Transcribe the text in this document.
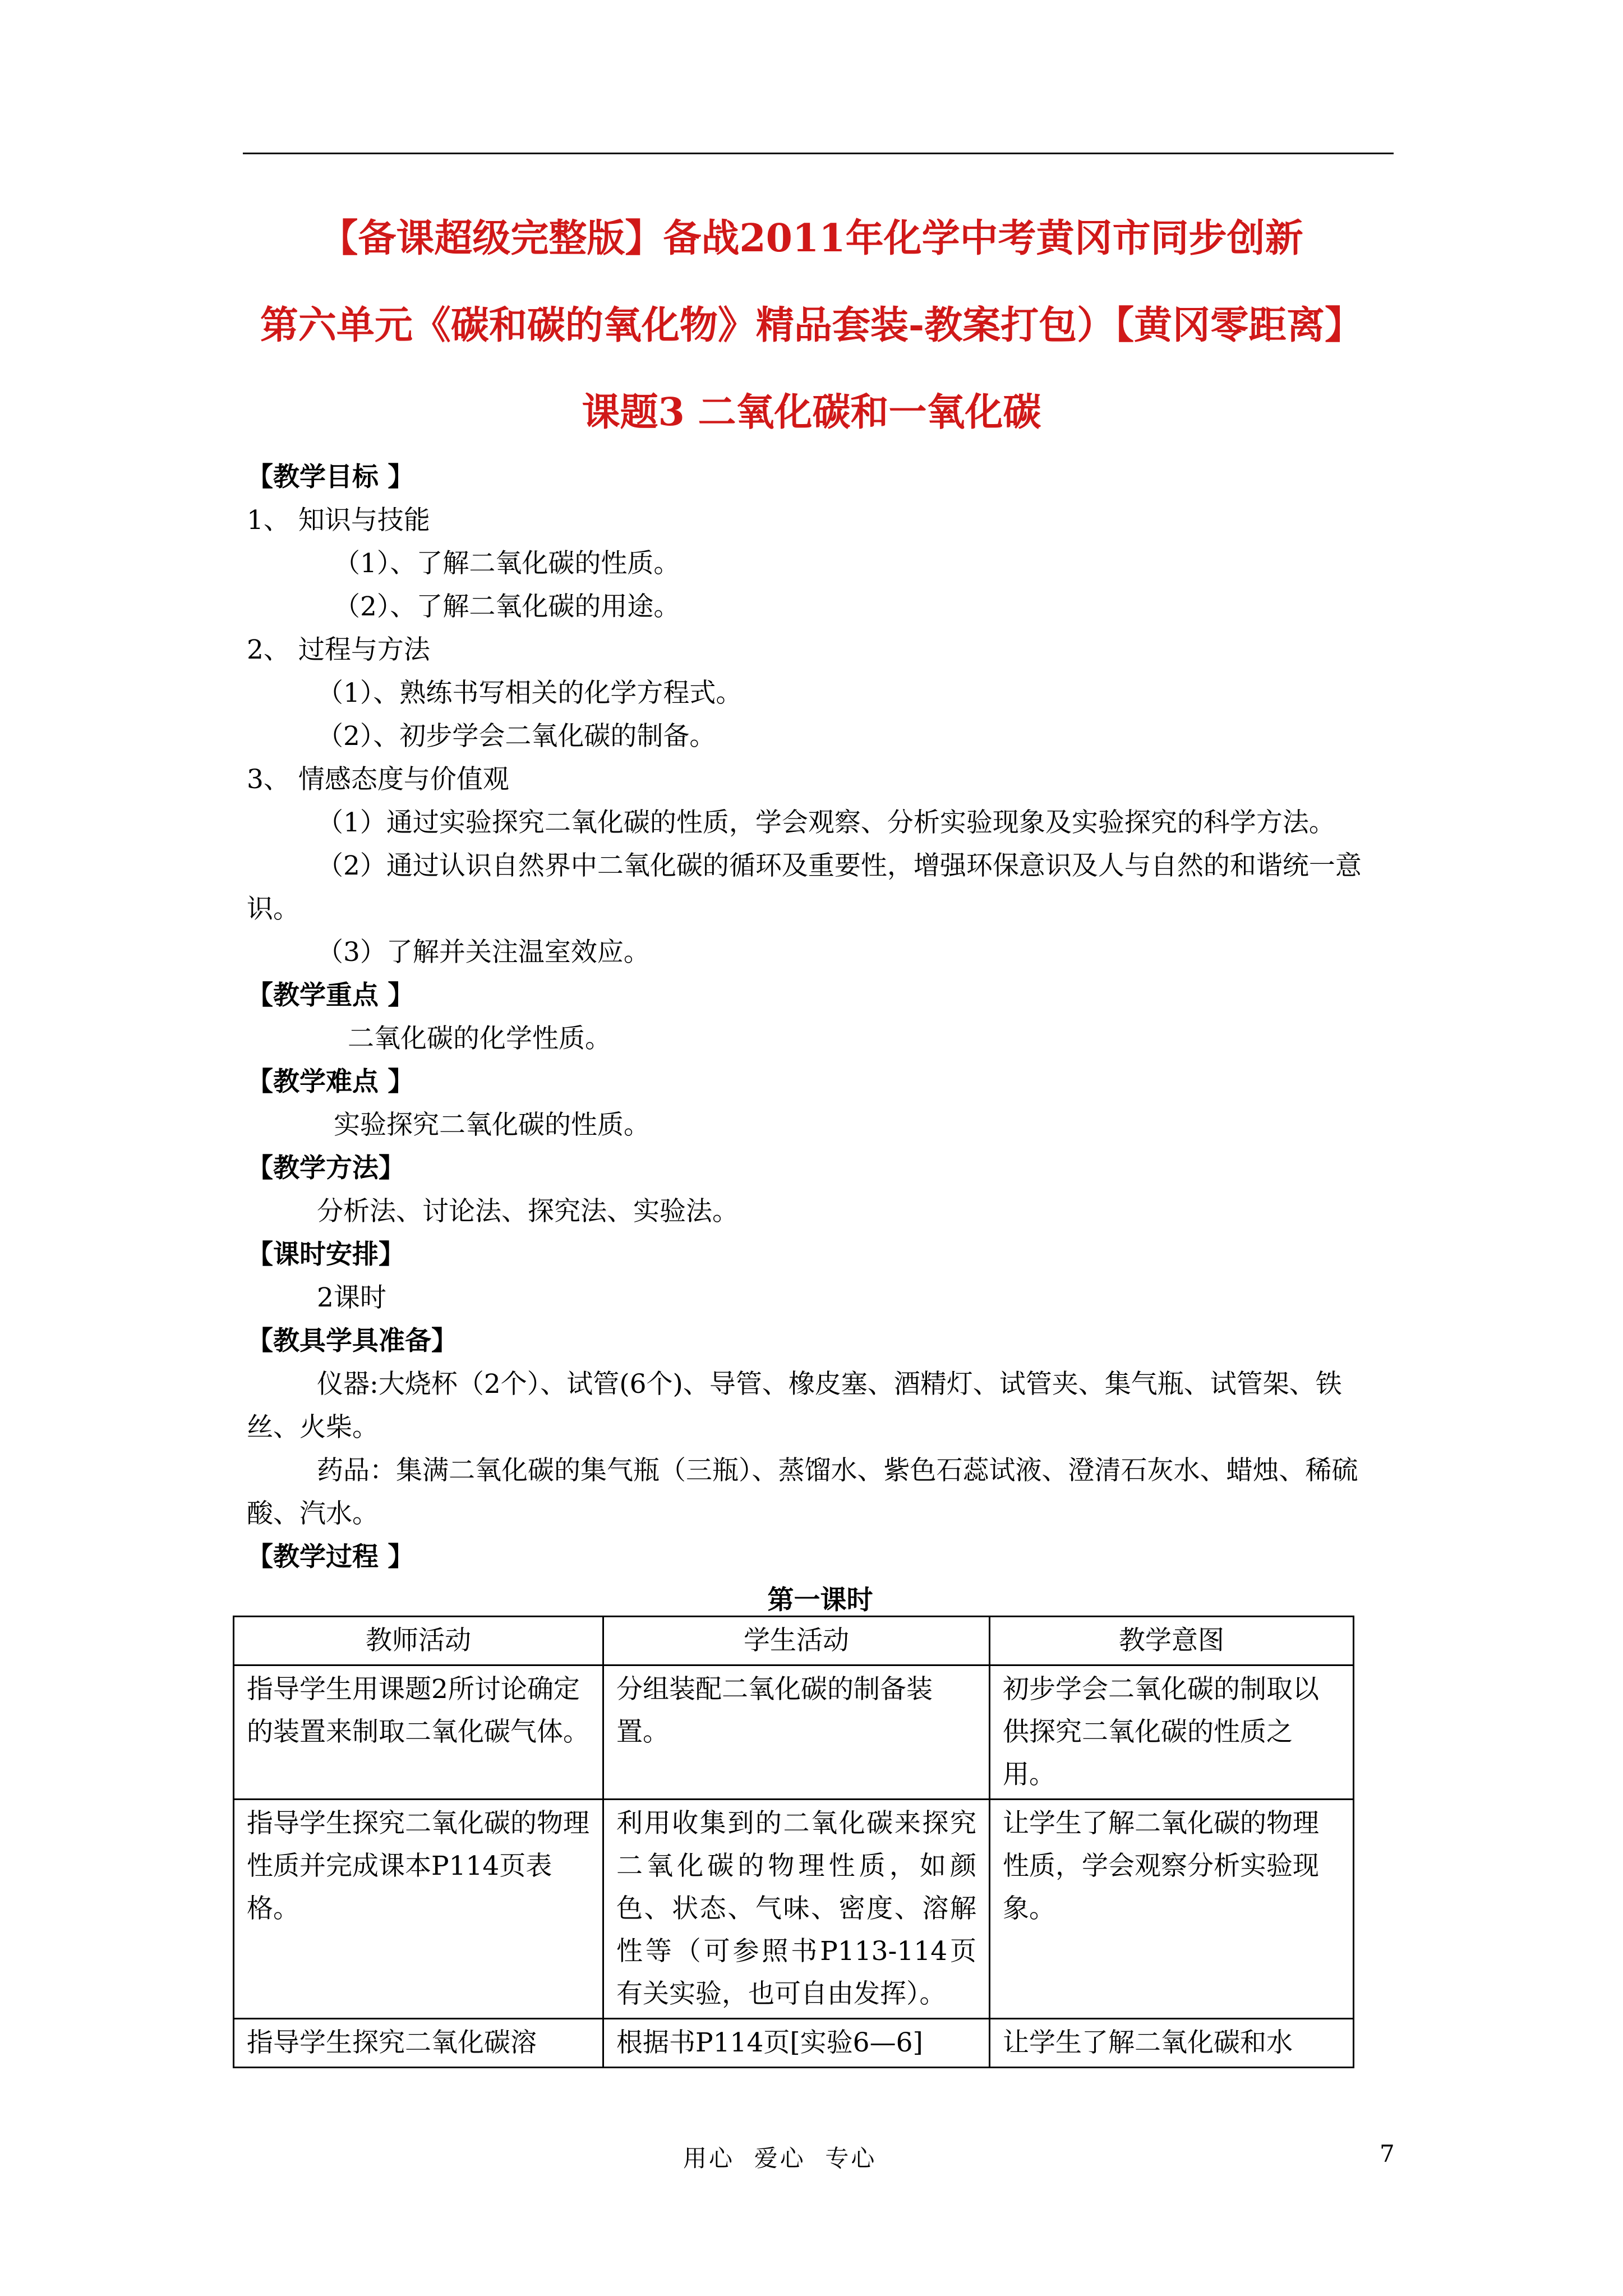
【备课超级完整版】备战2011年化学中考黄冈市同步创新
第六单元《碳和碳的氧化物》精品套装-教案打包）【黄冈零距离】
课题3 二氧化碳和一氧化碳

【教学目标 】

1、 知识与技能

（1）、了解二氧化碳的性质。

（2）、了解二氧化碳的用途。

2、 过程与方法

（1）、熟练书写相关的化学方程式。

（2）、初步学会二氧化碳的制备。

3、 情感态度与价值观

（1）通过实验探究二氧化碳的性质，学会观察、分析实验现象及实验探究的科学方法。

（2）通过认识自然界中二氧化碳的循环及重要性，增强环保意识及人与自然的和谐统一意识。

（3）了解并关注温室效应。

【教学重点 】

二氧化碳的化学性质。

【教学难点 】

实验探究二氧化碳的性质。

【教学方法】

分析法、讨论法、探究法、实验法。

【课时安排】

2课时

【教具学具准备】

仪器:大烧杯（2个）、试管(6个)、导管、橡皮塞、酒精灯、试管夹、集气瓶、试管架、铁丝、火柴。

药品：集满二氧化碳的集气瓶（三瓶）、蒸馏水、紫色石蕊试液、澄清石灰水、蜡烛、稀硫酸、汽水。

【教学过程 】

第一课时

教师活动	学生活动	教学意图
指导学生用课题2所讨论确定的装置来制取二氧化碳气体。	分组装配二氧化碳的制备装置。	初步学会二氧化碳的制取以供探究二氧化碳的性质之用。
指导学生探究二氧化碳的物理性质并完成课本P114页表格。	利用收集到的二氧化碳来探究二氧化碳的物理性质，如颜色、状态、气味、密度、溶解性等（可参照书P113-114页有关实验，也可自由发挥）。	让学生了解二氧化碳的物理性质，学会观察分析实验现象。
指导学生探究二氧化碳溶	根据书P114页[实验6—6]	让学生了解二氧化碳和水
用心  爱心  专心	7
